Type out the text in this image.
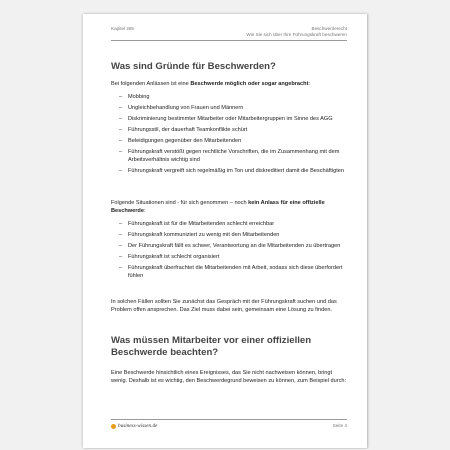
Kapitel 265	Beschwerderecht
Wie Sie sich über Ihre Führungskraft beschweren
Was sind Gründe für Beschwerden?
Bei folgenden Anlässen ist eine Beschwerde möglich oder sogar angebracht:
– Mobbing
– Ungleichbehandlung von Frauen und Männern
– Diskriminierung bestimmter Mitarbeiter oder Mitarbeitergruppen im Sinne des AGG
– Führungsstil, der dauerhaft Teamkonflikte schürt
– Beleidigungen gegenüber den Mitarbeitenden
– Führungskraft verstößt gegen rechtliche Vorschriften, die im Zusammenhang mit dem Arbeitsverhältnis wichtig sind
– Führungskraft vergreift sich regelmäßig im Ton und diskreditiert damit die Beschäftigten
Folgende Situationen sind - für sich genommen – noch kein Anlass für eine offizielle Beschwerde:
– Führungskraft ist für die Mitarbeitenden schlecht erreichbar
– Führungskraft kommuniziert zu wenig mit den Mitarbeitenden
– Der Führungskraft fällt es schwer, Verantwortung an die Mitarbeitenden zu übertragen
– Führungskraft ist schlecht organisiert
– Führungskraft überfrachtet die Mitarbeitenden mit Arbeit, sodass sich diese überfordert fühlen
In solchen Fällen sollten Sie zunächst das Gespräch mit der Führungskraft suchen und das Problem offen ansprechen. Das Ziel muss dabei sein, gemeinsam eine Lösung zu finden.
Was müssen Mitarbeiter vor einer offiziellen Beschwerde beachten?
Eine Beschwerde hinsichtlich eines Ereignisses, das Sie nicht nachweisen können, bringt wenig. Deshalb ist es wichtig, den Beschwerdegrund beweisen zu können, zum Beispiel durch:
business-wissen.de	Seite 4
